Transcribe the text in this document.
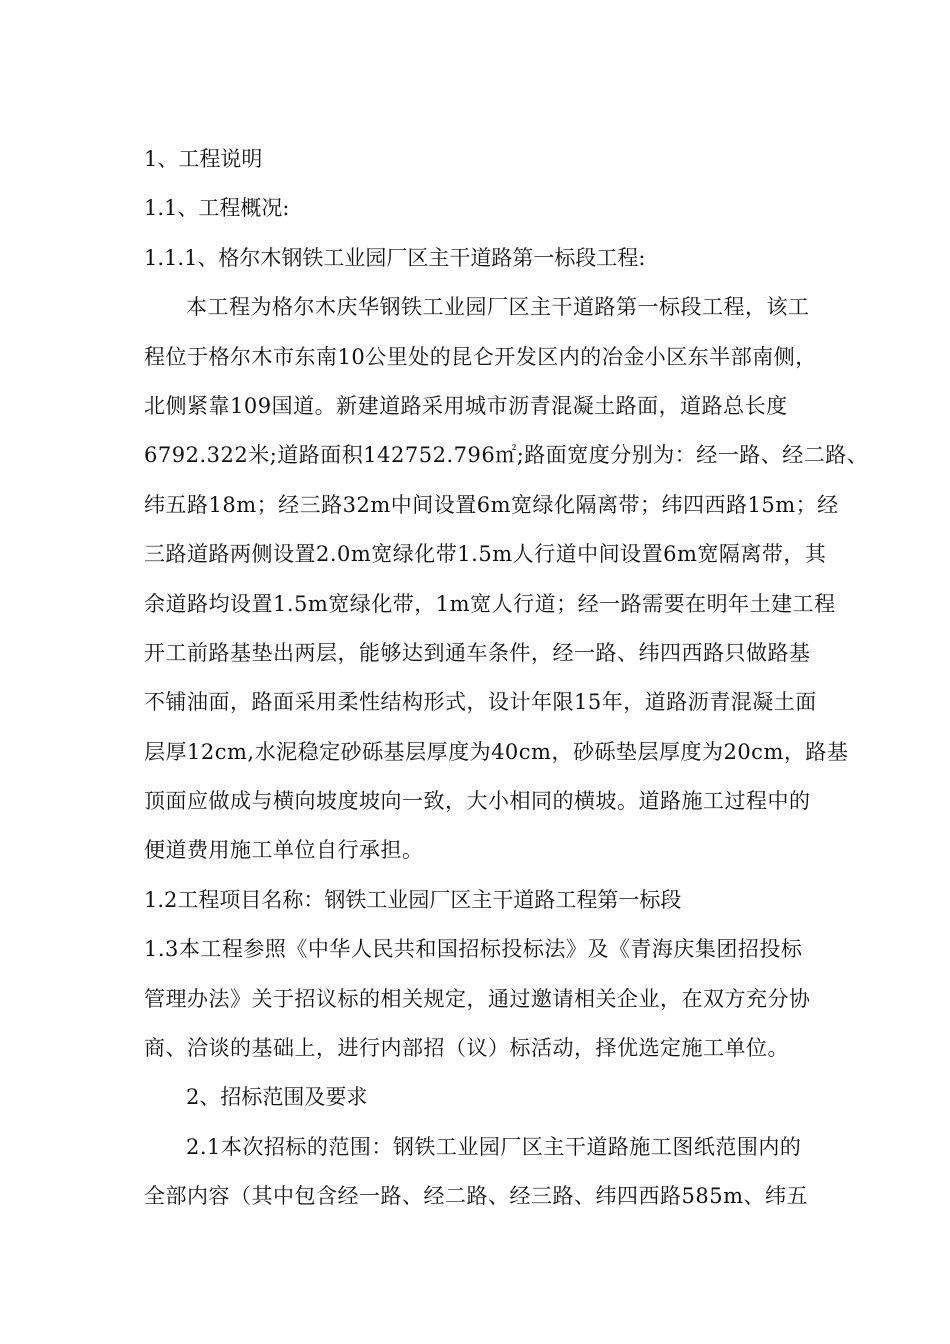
1、工程说明
1.1、工程概况:
1.1.1、格尔木钢铁工业园厂区主干道路第一标段工程:
本工程为格尔木庆华钢铁工业园厂区主干道路第一标段工程，该工
程位于格尔木市东南10公里处的昆仑开发区内的冶金小区东半部南侧，
北侧紧靠109国道。新建道路采用城市沥青混凝土路面，道路总长度
6792.322米;道路面积142752.796㎡;路面宽度分别为：经一路、经二路、
纬五路18m；经三路32m中间设置6m宽绿化隔离带；纬四西路15m；经
三路道路两侧设置2.0m宽绿化带1.5m人行道中间设置6m宽隔离带，其
余道路均设置1.5m宽绿化带，1m宽人行道；经一路需要在明年土建工程
开工前路基垫出两层，能够达到通车条件，经一路、纬四西路只做路基
不铺油面，路面采用柔性结构形式，设计年限15年，道路沥青混凝土面
层厚12cm,水泥稳定砂砾基层厚度为40cm，砂砾垫层厚度为20cm，路基
顶面应做成与横向坡度坡向一致，大小相同的横坡。道路施工过程中的
便道费用施工单位自行承担。
1.2工程项目名称：钢铁工业园厂区主干道路工程第一标段
1.3本工程参照《中华人民共和国招标投标法》及《青海庆集团招投标
管理办法》关于招议标的相关规定，通过邀请相关企业，在双方充分协
商、洽谈的基础上，进行内部招（议）标活动，择优选定施工单位。
2、招标范围及要求
2.1本次招标的范围：钢铁工业园厂区主干道路施工图纸范围内的
全部内容（其中包含经一路、经二路、经三路、纬四西路585m、纬五
